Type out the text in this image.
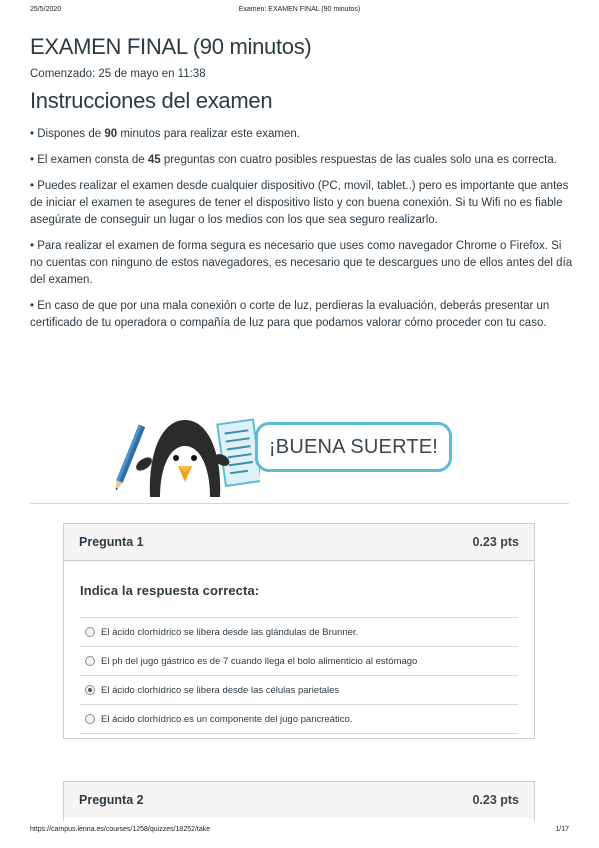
25/5/2020	Examen: EXAMEN FINAL (90 minutos)
EXAMEN FINAL (90 minutos)
Comenzado: 25 de mayo en 11:38
Instrucciones del examen

• Dispones de 90 minutos para realizar este examen.

• El examen consta de 45 preguntas con cuatro posibles respuestas de las cuales solo una es correcta.

• Puedes realizar el examen desde cualquier dispositivo (PC, movil, tablet..) pero es importante que antes de iniciar el examen te asegures de tener el dispositivo listo y con buena conexión. Si tu Wifi no es fiable asegúrate de conseguir un lugar o los medios con los que sea seguro realizarlo.

• Para realizar el examen de forma segura es necesario que uses como navegador Chrome o Firefox. Si no cuentas con ninguno de estos navegadores, es necesario que te descargues uno de ellos antes del día del examen.

• En caso de que por una mala conexión o corte de luz, perdieras la evaluación, deberás presentar un certificado de tu operadora o compañía de luz para que podamos valorar cómo proceder con tu caso.

¡BUENA SUERTE!
Pregunta 1	0.23 pts
Indica la respuesta correcta:
El ácido clorhídrico se libera desde las glándulas de Brunner.
El ph del jugo gástrico es de 7 cuando llega el bolo alimenticio al estómago
El ácido clorhídrico se libera desde las células parietales
El ácido clorhídrico es un componente del jugo pancreático.
Pregunta 2	0.23 pts
https://campus.lenna.es/courses/1258/quizzes/18252/take	1/17
